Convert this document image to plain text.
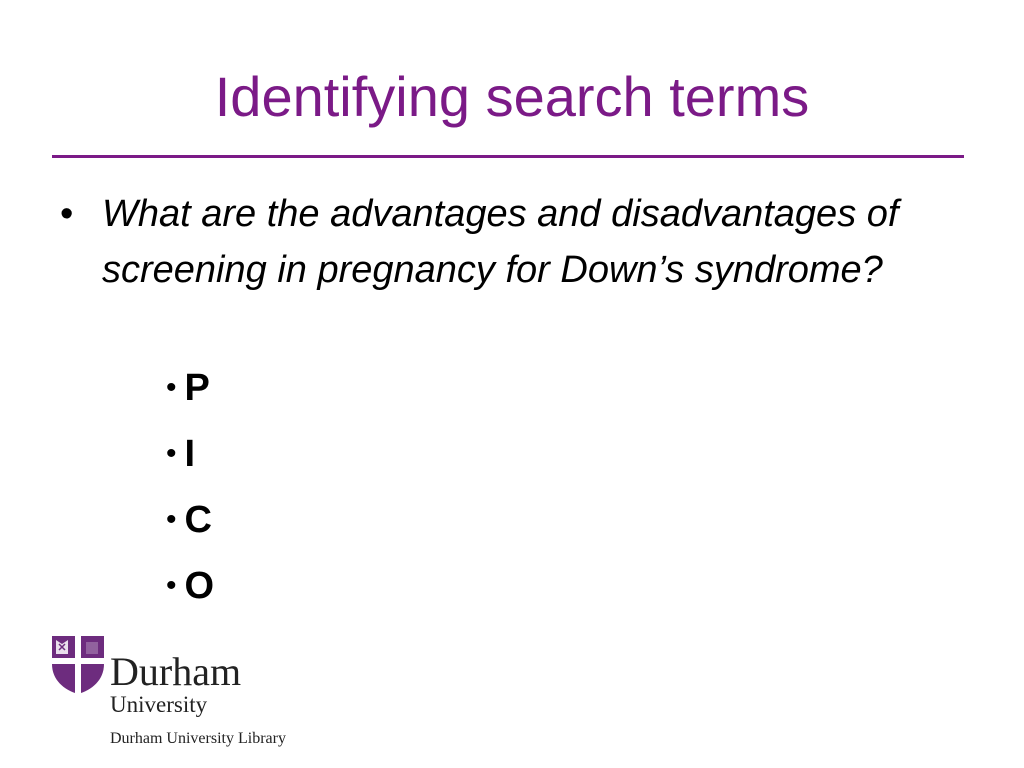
Identifying search terms
• What are the advantages and disadvantages of screening in pregnancy for Down’s syndrome?
• P
• I
• C
• O
Durham
University
Durham University Library
